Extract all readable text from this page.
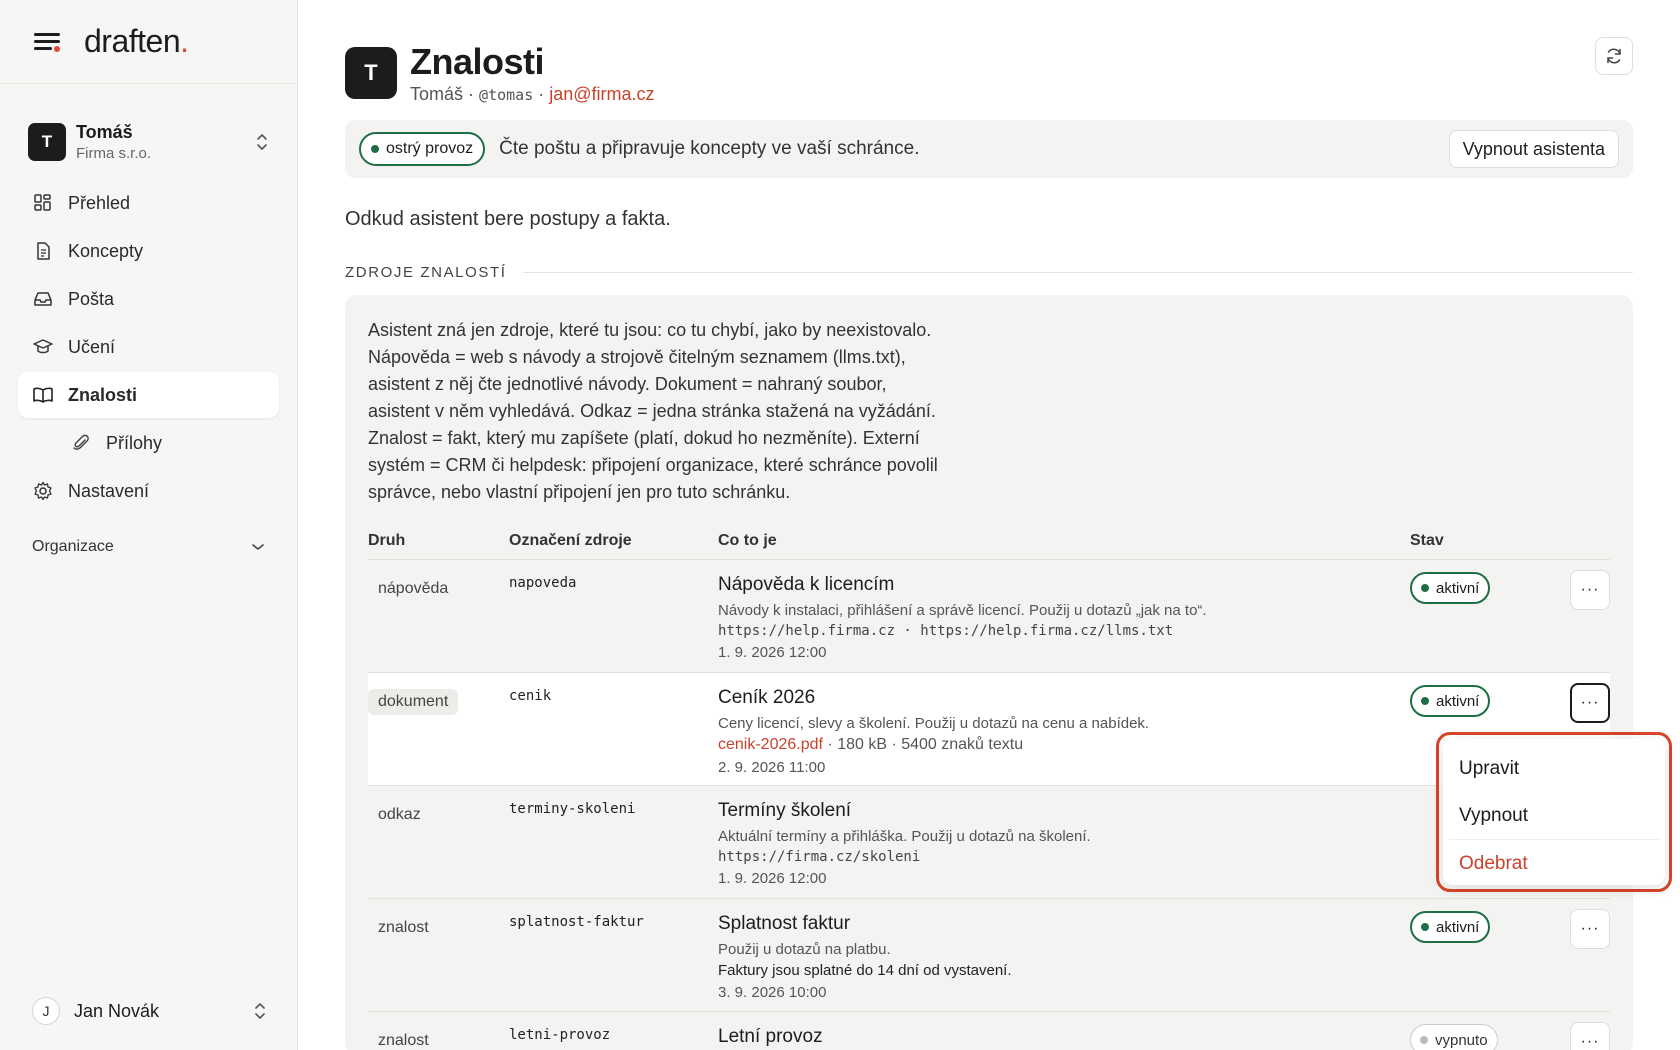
draften.
T	Tomáš
Firma s.r.o.
Přehled
Koncepty
Pošta
Učení
Znalosti
Přílohy
Nastavení
Organizace
J	Jan Novák
T Znalosti
Tomáš · @tomas · jan@firma.cz
ostrý provoz Čte poštu a připravuje koncepty ve vaší schránce.	Vypnout asistenta
Odkud asistent bere postupy a fakta.
ZDROJE ZNALOSTÍ
Asistent zná jen zdroje, které tu jsou: co tu chybí, jako by neexistovalo.
Nápověda = web s návody a strojově čitelným seznamem (llms.txt),
asistent z něj čte jednotlivé návody. Dokument = nahraný soubor,
asistent v něm vyhledává. Odkaz = jedna stránka stažená na vyžádání.
Znalost = fakt, který mu zapíšete (platí, dokud ho nezměníte). Externí
systém = CRM či helpdesk: připojení organizace, které schránce povolil
správce, nebo vlastní připojení jen pro tuto schránku.
Druh	Označení zdroje	Co to je	Stav
nápověda	napoveda	Nápověda k licencím
Návody k instalaci, přihlášení a správě licencí. Použij u dotazů „jak na to“.
https://help.firma.cz · https://help.firma.cz/llms.txt
1. 9. 2026 12:00
aktivní	···
dokument	cenik	Ceník 2026
Ceny licencí, slevy a školení. Použij u dotazů na cenu a nabídek.
cenik-2026.pdf · 180 kB · 5400 znaků textu
2. 9. 2026 11:00
aktivní	···
odkaz	terminy-skoleni	Termíny školení
Aktuální termíny a přihláška. Použij u dotazů na školení.
https://firma.cz/skoleni
1. 9. 2026 12:00
znalost	splatnost-faktur	Splatnost faktur
Použij u dotazů na platbu.
Faktury jsou splatné do 14 dní od vystavení.
3. 9. 2026 10:00
aktivní	···
znalost	letni-provoz	Letní provoz	vypnuto	···
Upravit
Vypnout
Odebrat
